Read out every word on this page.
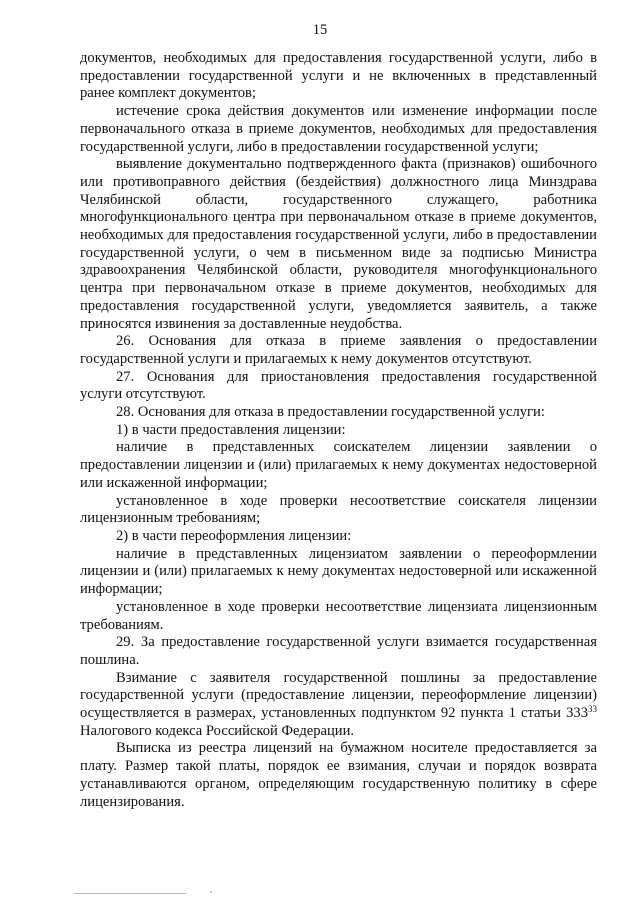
15

документов, необходимых для предоставления государственной услуги, либо в предоставлении государственной услуги и не включенных в представленный ранее комплект документов;

истечение срока действия документов или изменение информации после первоначального отказа в приеме документов, необходимых для предоставления государственной услуги, либо в предоставлении государственной услуги;

выявление документально подтвержденного факта (признаков) ошибочного или противоправного действия (бездействия) должностного лица Минздрава Челябинской области, государственного служащего, работника многофункционального центра при первоначальном отказе в приеме документов, необходимых для предоставления государственной услуги, либо в предоставлении государственной услуги, о чем в письменном виде за подписью Министра здравоохранения Челябинской области, руководителя многофункционального центра при первоначальном отказе в приеме документов, необходимых для предоставления государственной услуги, уведомляется заявитель, а также приносятся извинения за доставленные неудобства.

26. Основания для отказа в приеме заявления о предоставлении государственной услуги и прилагаемых к нему документов отсутствуют.

27. Основания для приостановления предоставления государственной услуги отсутствуют.

28. Основания для отказа в предоставлении государственной услуги:

1) в части предоставления лицензии:

наличие в представленных соискателем лицензии заявлении о предоставлении лицензии и (или) прилагаемых к нему документах недостоверной или искаженной информации;

установленное в ходе проверки несоответствие соискателя лицензии лицензионным требованиям;

2) в части переоформления лицензии:

наличие в представленных лицензиатом заявлении о переоформлении лицензии и (или) прилагаемых к нему документах недостоверной или искаженной информации;

установленное в ходе проверки несоответствие лицензиата лицензионным требованиям.

29. За предоставление государственной услуги взимается государственная пошлина.

Взимание с заявителя государственной пошлины за предоставление государственной услуги (предоставление лицензии, переоформление лицензии) осуществляется в размерах, установленных подпунктом 92 пункта 1 статьи $333^{33}$ Налогового кодекса Российской Федерации.

Выписка из реестра лицензий на бумажном носителе предоставляется за плату. Размер такой платы, порядок ее взимания, случаи и порядок возврата устанавливаются органом, определяющим государственную политику в сфере лицензирования.
